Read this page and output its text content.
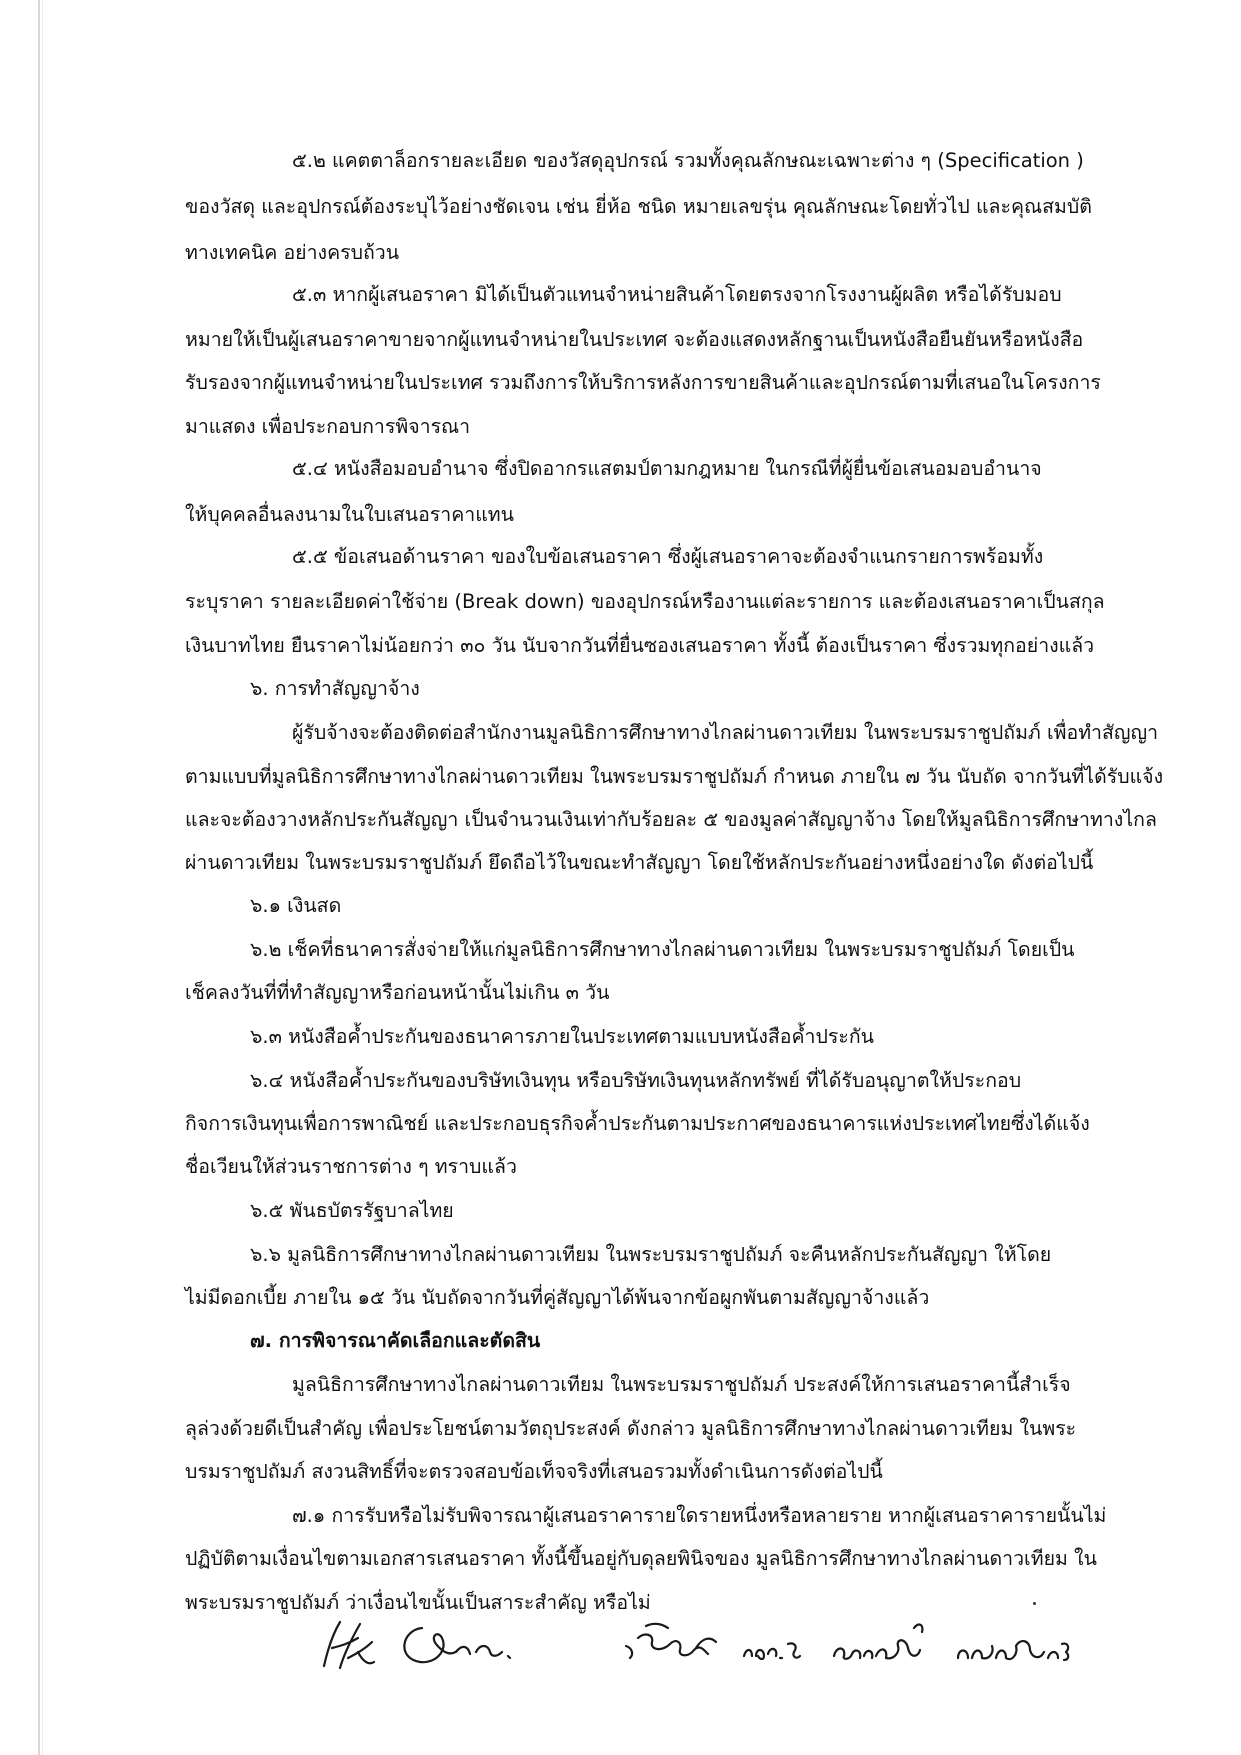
๕.๒ แคตตาล็อกรายละเอียด ของวัสดุอุปกรณ์ รวมทั้งคุณลักษณะเฉพาะต่าง ๆ (Specification )
ของวัสดุ และอุปกรณ์ต้องระบุไว้อย่างชัดเจน เช่น ยี่ห้อ ชนิด หมายเลขรุ่น คุณลักษณะโดยทั่วไป และคุณสมบัติ
ทางเทคนิค อย่างครบถ้วน
๕.๓ หากผู้เสนอราคา มิได้เป็นตัวแทนจำหน่ายสินค้าโดยตรงจากโรงงานผู้ผลิต หรือได้รับมอบ
หมายให้เป็นผู้เสนอราคาขายจากผู้แทนจำหน่ายในประเทศ จะต้องแสดงหลักฐานเป็นหนังสือยืนยันหรือหนังสือ
รับรองจากผู้แทนจำหน่ายในประเทศ รวมถึงการให้บริการหลังการขายสินค้าและอุปกรณ์ตามที่เสนอในโครงการ
มาแสดง เพื่อประกอบการพิจารณา
๕.๔ หนังสือมอบอำนาจ ซึ่งปิดอากรแสตมป์ตามกฎหมาย ในกรณีที่ผู้ยื่นข้อเสนอมอบอำนาจ
ให้บุคคลอื่นลงนามในใบเสนอราคาแทน
๕.๕ ข้อเสนอด้านราคา ของใบข้อเสนอราคา ซึ่งผู้เสนอราคาจะต้องจำแนกรายการพร้อมทั้ง
ระบุราคา รายละเอียดค่าใช้จ่าย (Break down) ของอุปกรณ์หรืองานแต่ละรายการ และต้องเสนอราคาเป็นสกุล
เงินบาทไทย ยืนราคาไม่น้อยกว่า ๓๐ วัน นับจากวันที่ยื่นซองเสนอราคา ทั้งนี้ ต้องเป็นราคา ซึ่งรวมทุกอย่างแล้ว
๖. การทำสัญญาจ้าง
ผู้รับจ้างจะต้องติดต่อสำนักงานมูลนิธิการศึกษาทางไกลผ่านดาวเทียม ในพระบรมราชูปถัมภ์ เพื่อทำสัญญา
ตามแบบที่มูลนิธิการศึกษาทางไกลผ่านดาวเทียม ในพระบรมราชูปถัมภ์ กำหนด ภายใน ๗ วัน นับถัด จากวันที่ได้รับแจ้ง
และจะต้องวางหลักประกันสัญญา เป็นจำนวนเงินเท่ากับร้อยละ ๕ ของมูลค่าสัญญาจ้าง โดยให้มูลนิธิการศึกษาทางไกล
ผ่านดาวเทียม ในพระบรมราชูปถัมภ์ ยึดถือไว้ในขณะทำสัญญา โดยใช้หลักประกันอย่างหนึ่งอย่างใด ดังต่อไปนี้
๖.๑ เงินสด
๖.๒ เช็คที่ธนาคารสั่งจ่ายให้แก่มูลนิธิการศึกษาทางไกลผ่านดาวเทียม ในพระบรมราชูปถัมภ์ โดยเป็น
เช็คลงวันที่ที่ทำสัญญาหรือก่อนหน้านั้นไม่เกิน ๓ วัน
๖.๓ หนังสือค้ำประกันของธนาคารภายในประเทศตามแบบหนังสือค้ำประกัน
๖.๔ หนังสือค้ำประกันของบริษัทเงินทุน หรือบริษัทเงินทุนหลักทรัพย์ ที่ได้รับอนุญาตให้ประกอบ
กิจการเงินทุนเพื่อการพาณิชย์ และประกอบธุรกิจค้ำประกันตามประกาศของธนาคารแห่งประเทศไทยซึ่งได้แจ้ง
ชื่อเวียนให้ส่วนราชการต่าง ๆ ทราบแล้ว
๖.๕ พันธบัตรรัฐบาลไทย
๖.๖ มูลนิธิการศึกษาทางไกลผ่านดาวเทียม ในพระบรมราชูปถัมภ์ จะคืนหลักประกันสัญญา ให้โดย
ไม่มีดอกเบี้ย ภายใน ๑๕ วัน นับถัดจากวันที่คู่สัญญาได้พ้นจากข้อผูกพันตามสัญญาจ้างแล้ว
๗. การพิจารณาคัดเลือกและตัดสิน
มูลนิธิการศึกษาทางไกลผ่านดาวเทียม ในพระบรมราชูปถัมภ์ ประสงค์ให้การเสนอราคานี้สำเร็จ
ลุล่วงด้วยดีเป็นสำคัญ เพื่อประโยชน์ตามวัตถุประสงค์ ดังกล่าว มูลนิธิการศึกษาทางไกลผ่านดาวเทียม ในพระ
บรมราชูปถัมภ์ สงวนสิทธิ์ที่จะตรวจสอบข้อเท็จจริงที่เสนอรวมทั้งดำเนินการดังต่อไปนี้
๗.๑ การรับหรือไม่รับพิจารณาผู้เสนอราคารายใดรายหนึ่งหรือหลายราย หากผู้เสนอราคารายนั้นไม่
ปฏิบัติตามเงื่อนไขตามเอกสารเสนอราคา ทั้งนี้ขึ้นอยู่กับดุลยพินิจของ มูลนิธิการศึกษาทางไกลผ่านดาวเทียม ใน
พระบรมราชูปถัมภ์ ว่าเงื่อนไขนั้นเป็นสาระสำคัญ หรือไม่
